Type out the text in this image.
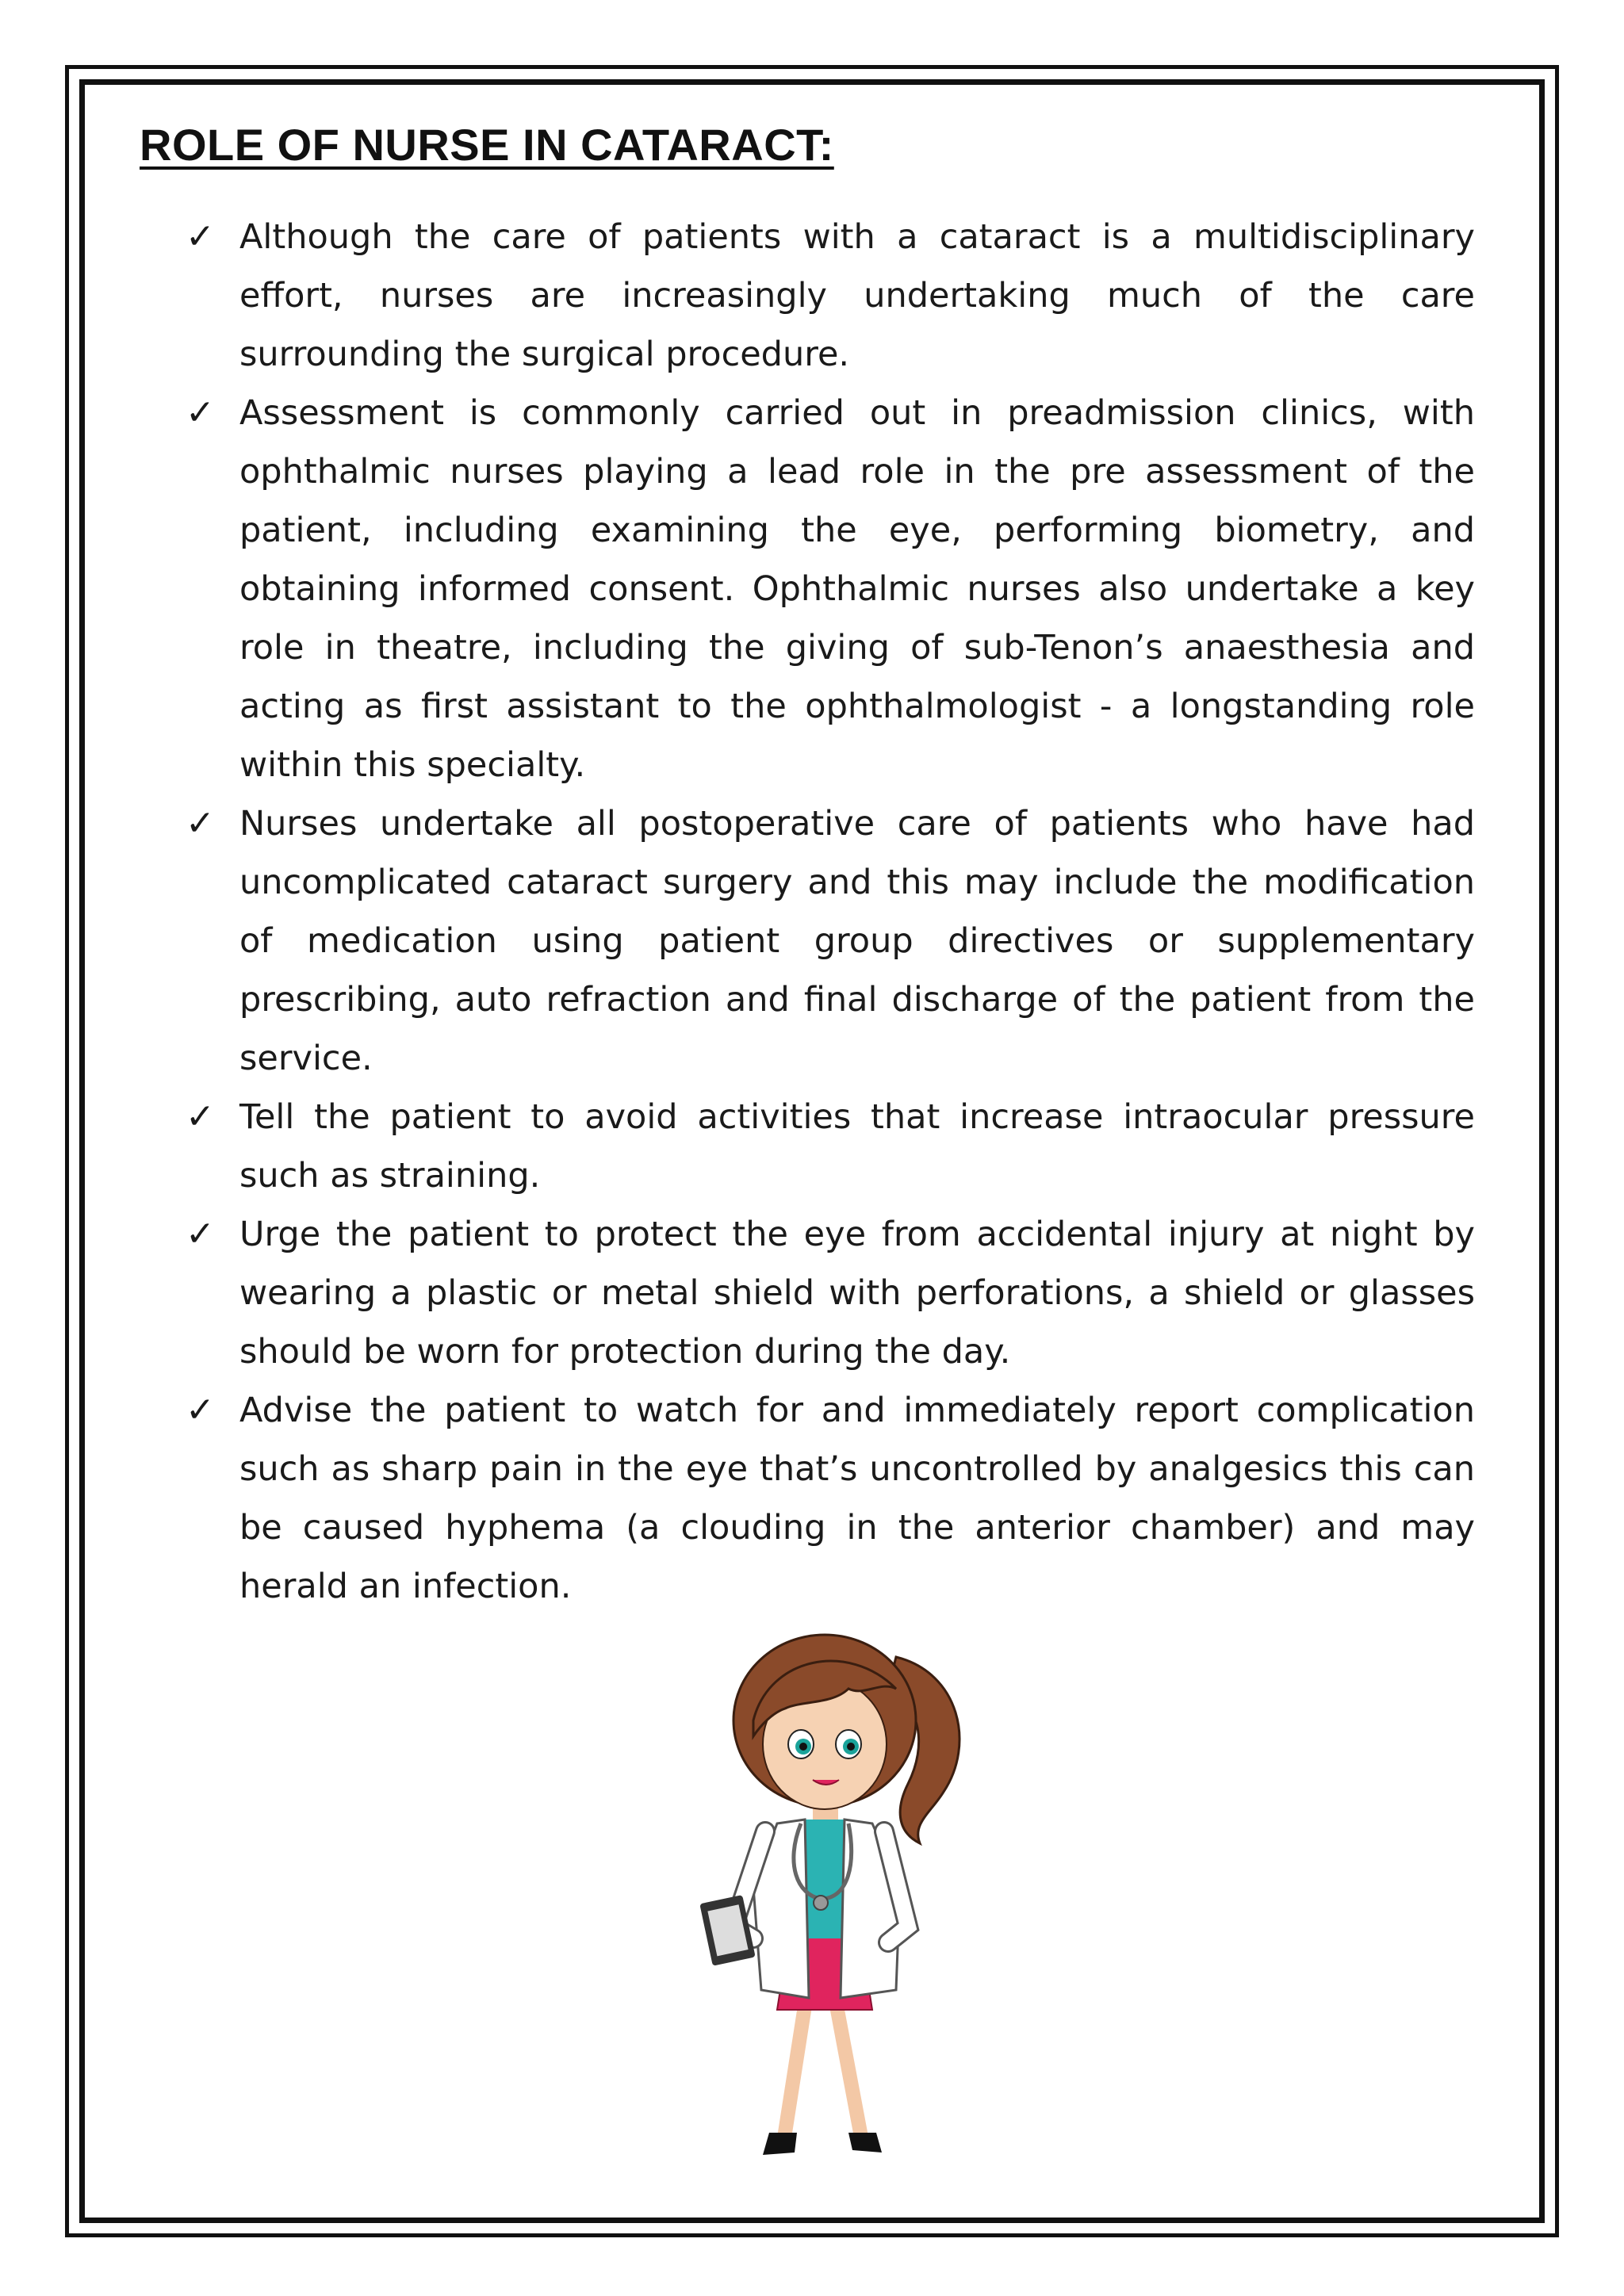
ROLE OF NURSE IN CATARACT:
✓ Although the care of patients with a cataract is a multidisciplinary effort, nurses are increasingly undertaking much of the care surrounding the surgical procedure.
✓ Assessment is commonly carried out in preadmission clinics, with ophthalmic nurses playing a lead role in the pre assessment of the patient, including examining the eye, performing biometry, and obtaining informed consent. Ophthalmic nurses also undertake a key role in theatre, including the giving of sub-Tenon’s anaesthesia and acting as first assistant to the ophthalmologist - a longstanding role within this specialty.
✓ Nurses undertake all postoperative care of patients who have had uncomplicated cataract surgery and this may include the modification of medication using patient group directives or supplementary prescribing, auto refraction and final discharge of the patient from the service.
✓ Tell the patient to avoid activities that increase intraocular pressure such as straining.
✓ Urge the patient to protect the eye from accidental injury at night by wearing a plastic or metal shield with perforations, a shield or glasses should be worn for protection during the day.
✓ Advise the patient to watch for and immediately report complication such as sharp pain in the eye that’s uncontrolled by analgesics this can be caused hyphema (a clouding in the anterior chamber) and may herald an infection.
